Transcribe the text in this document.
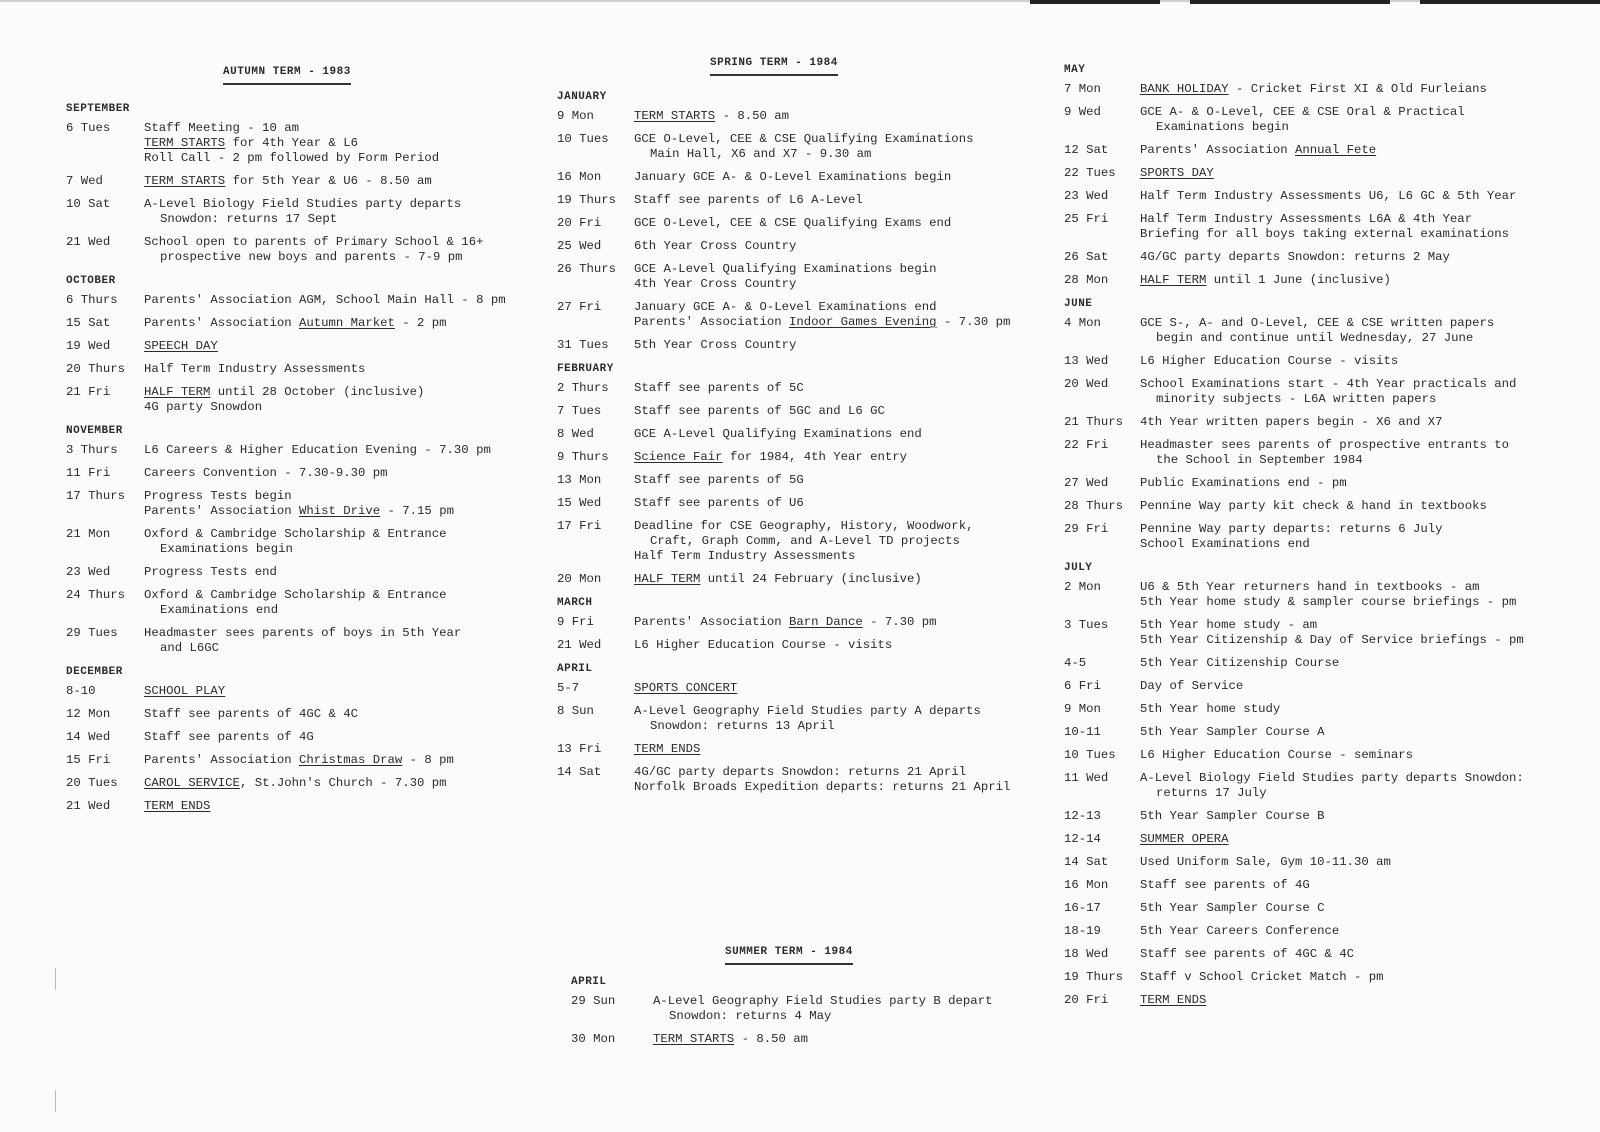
AUTUMN TERM - 1983
SEPTEMBER
6 Tues	Staff Meeting - 10 am
TERM STARTS for 4th Year & L6
Roll Call - 2 pm followed by Form Period
7 Wed	TERM STARTS for 5th Year & U6 - 8.50 am
10 Sat	A-Level Biology Field Studies party departs
Snowdon: returns 17 Sept
21 Wed	School open to parents of Primary School & 16+
prospective new boys and parents - 7-9 pm
OCTOBER
6 Thurs	Parents' Association AGM, School Main Hall - 8 pm
15 Sat	Parents' Association Autumn Market - 2 pm
19 Wed	SPEECH DAY
20 Thurs	Half Term Industry Assessments
21 Fri	HALF TERM until 28 October (inclusive)
4G party Snowdon
NOVEMBER
3 Thurs	L6 Careers & Higher Education Evening - 7.30 pm
11 Fri	Careers Convention - 7.30-9.30 pm
17 Thurs	Progress Tests begin
Parents' Association Whist Drive - 7.15 pm
21 Mon	Oxford & Cambridge Scholarship & Entrance
Examinations begin
23 Wed	Progress Tests end
24 Thurs	Oxford & Cambridge Scholarship & Entrance
Examinations end
29 Tues	Headmaster sees parents of boys in 5th Year
and L6GC
DECEMBER
8-10	SCHOOL PLAY
12 Mon	Staff see parents of 4GC & 4C
14 Wed	Staff see parents of 4G
15 Fri	Parents' Association Christmas Draw - 8 pm
20 Tues	CAROL SERVICE, St.John's Church - 7.30 pm
21 Wed	TERM ENDS
SPRING TERM - 1984
JANUARY
9 Mon	TERM STARTS - 8.50 am
10 Tues	GCE O-Level, CEE & CSE Qualifying Examinations
Main Hall, X6 and X7 - 9.30 am
16 Mon	January GCE A- & O-Level Examinations begin
19 Thurs	Staff see parents of L6 A-Level
20 Fri	GCE O-Level, CEE & CSE Qualifying Exams end
25 Wed	6th Year Cross Country
26 Thurs	GCE A-Level Qualifying Examinations begin
4th Year Cross Country
27 Fri	January GCE A- & O-Level Examinations end
Parents' Association Indoor Games Evening - 7.30 pm
31 Tues	5th Year Cross Country
FEBRUARY
2 Thurs	Staff see parents of 5C
7 Tues	Staff see parents of 5GC and L6 GC
8 Wed	GCE A-Level Qualifying Examinations end
9 Thurs	Science Fair for 1984, 4th Year entry
13 Mon	Staff see parents of 5G
15 Wed	Staff see parents of U6
17 Fri	Deadline for CSE Geography, History, Woodwork,
Craft, Graph Comm, and A-Level TD projects
Half Term Industry Assessments
20 Mon	HALF TERM until 24 February (inclusive)
MARCH
9 Fri	Parents' Association Barn Dance - 7.30 pm
21 Wed	L6 Higher Education Course - visits
APRIL
5-7	SPORTS CONCERT
8 Sun	A-Level Geography Field Studies party A departs
Snowdon: returns 13 April
13 Fri	TERM ENDS
14 Sat	4G/GC party departs Snowdon: returns 21 April
Norfolk Broads Expedition departs: returns 21 April
SUMMER TERM - 1984
APRIL
29 Sun	A-Level Geography Field Studies party B depart
Snowdon: returns 4 May
30 Mon	TERM STARTS - 8.50 am
MAY
7 Mon	BANK HOLIDAY - Cricket First XI & Old Furleians
9 Wed	GCE A- & O-Level, CEE & CSE Oral & Practical
Examinations begin
12 Sat	Parents' Association Annual Fete
22 Tues	SPORTS DAY
23 Wed	Half Term Industry Assessments U6, L6 GC & 5th Year
25 Fri	Half Term Industry Assessments L6A & 4th Year
Briefing for all boys taking external examinations
26 Sat	4G/GC party departs Snowdon: returns 2 May
28 Mon	HALF TERM until 1 June (inclusive)
JUNE
4 Mon	GCE S-, A- and O-Level, CEE & CSE written papers
begin and continue until Wednesday, 27 June
13 Wed	L6 Higher Education Course - visits
20 Wed	School Examinations start - 4th Year practicals and
minority subjects - L6A written papers
21 Thurs	4th Year written papers begin - X6 and X7
22 Fri	Headmaster sees parents of prospective entrants to
the School in September 1984
27 Wed	Public Examinations end - pm
28 Thurs	Pennine Way party kit check & hand in textbooks
29 Fri	Pennine Way party departs: returns 6 July
School Examinations end
JULY
2 Mon	U6 & 5th Year returners hand in textbooks - am
5th Year home study & sampler course briefings - pm
3 Tues	5th Year home study - am
5th Year Citizenship & Day of Service briefings - pm
4-5	5th Year Citizenship Course
6 Fri	Day of Service
9 Mon	5th Year home study
10-11	5th Year Sampler Course A
10 Tues	L6 Higher Education Course - seminars
11 Wed	A-Level Biology Field Studies party departs Snowdon:
returns 17 July
12-13	5th Year Sampler Course B
12-14	SUMMER OPERA
14 Sat	Used Uniform Sale, Gym 10-11.30 am
16 Mon	Staff see parents of 4G
16-17	5th Year Sampler Course C
18-19	5th Year Careers Conference
18 Wed	Staff see parents of 4GC & 4C
19 Thurs	Staff v School Cricket Match - pm
20 Fri	TERM ENDS
